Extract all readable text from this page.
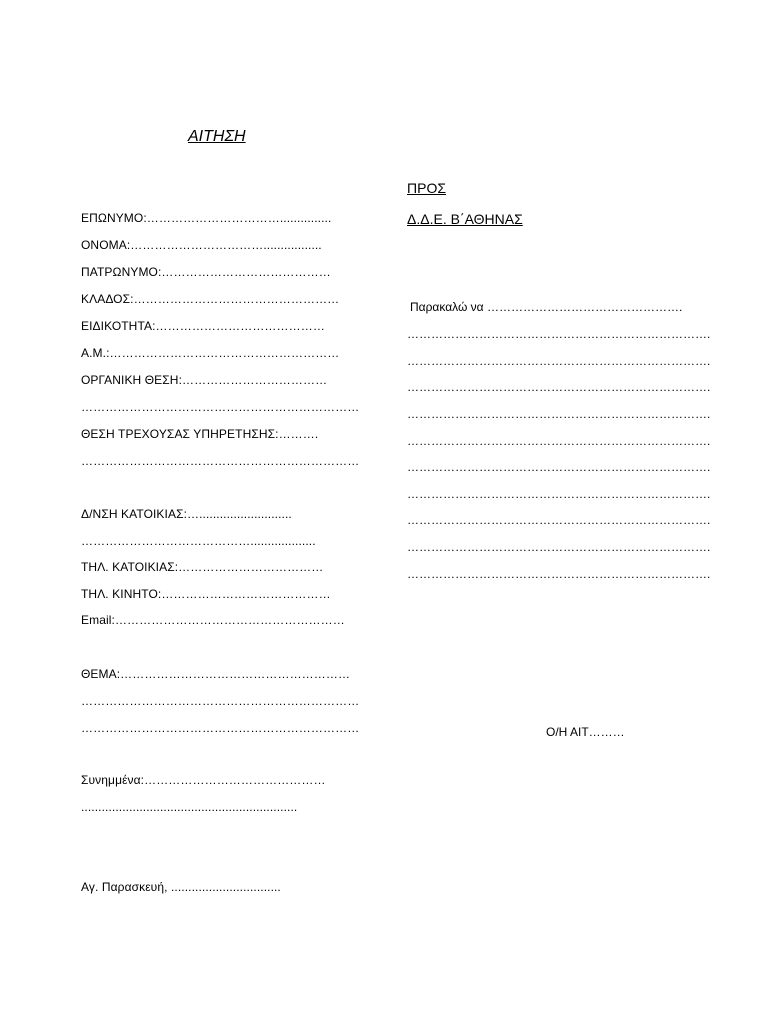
ΑΙΤΗΣΗ
ΠΡΟΣ
Δ.Δ.Ε. Β΄ΑΘΗΝΑΣ
ΕΠΩΝΥΜΟ:……………………………...............
ΟΝΟΜΑ:…………………………….................
ΠΑΤΡΩΝΥΜΟ:……………………………………
ΚΛΑΔΟΣ:……………………………………………
ΕΙΔΙΚΟΤΗΤΑ:……………………………………
Α.Μ.:…………………………………………………
ΟΡΓΑΝΙΚΗ ΘΕΣΗ:………………………………
……………………………………………………………
ΘΕΣΗ ΤΡΕΧΟΥΣΑΣ ΥΠΗΡΕΤΗΣΗΣ:……….
……………………………………………………………
Δ/ΝΣΗ ΚΑΤΟΙΚΙΑΣ:…...........................
……………………………………...................
ΤΗΛ. ΚΑΤΟΙΚΙΑΣ:………………………………
ΤΗΛ. ΚΙΝΗΤΟ:……………………………………
Email:…………………………………………………
ΘΕΜΑ:…………………………………………………
……………………………………………………………
……………………………………………………………
Συνημμένα:………………………………………
...............................................................
Αγ. Παρασκευή, ................................
Παρακαλώ να ………………………………………….
………………………………………………………………….
………………………………………………………………….
………………………………………………………………….
………………………………………………………………….
………………………………………………………………….
………………………………………………………………….
………………………………………………………………….
………………………………………………………………….
………………………………………………………………….
………………………………………………………………….
Ο/Η ΑΙΤ………
